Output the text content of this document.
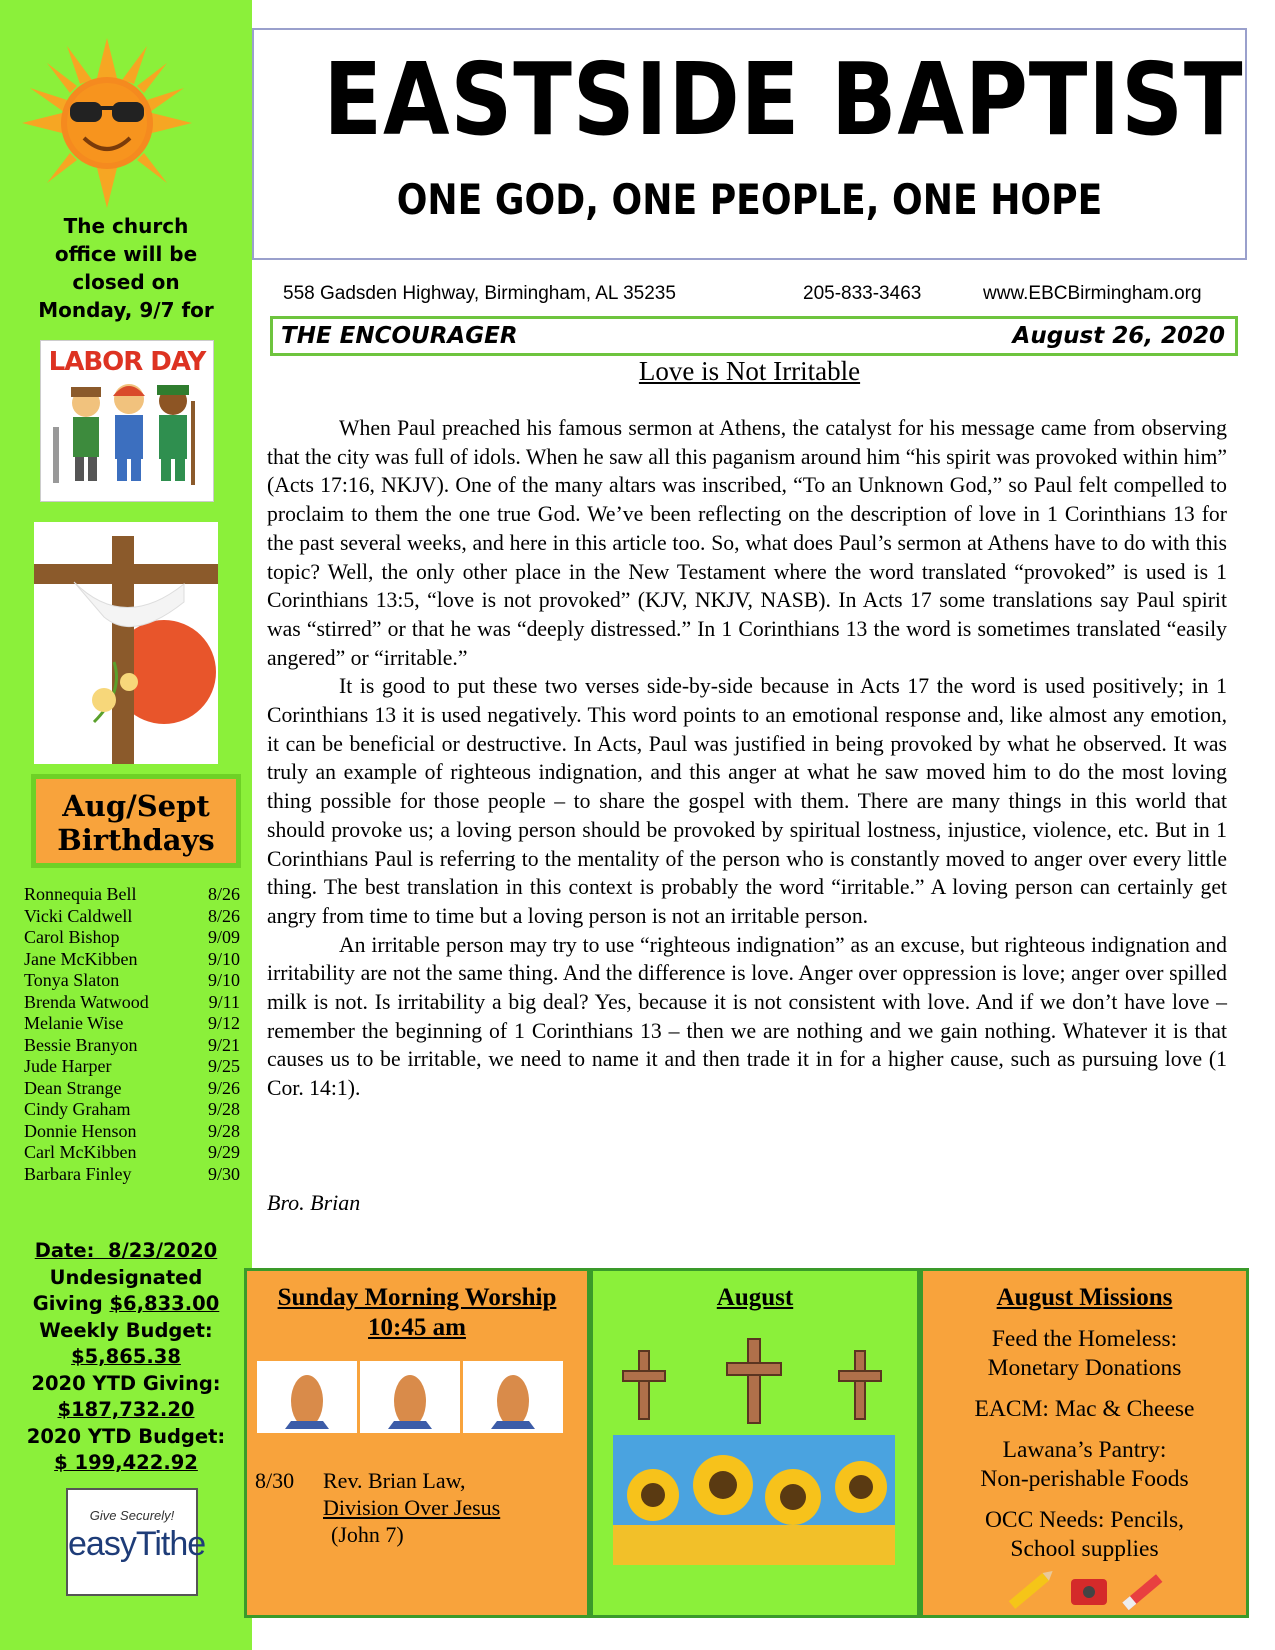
The church
office will be
closed on
Monday, 9/7 for
LABOR DAY
Aug/Sept
Birthdays
Ronnequia Bell	8/26
Vicki Caldwell	8/26
Carol Bishop	9/09
Jane McKibben	9/10
Tonya Slaton	9/10
Brenda Watwood	9/11
Melanie Wise	9/12
Bessie Branyon	9/21
Jude Harper	9/25
Dean Strange	9/26
Cindy Graham	9/28
Donnie Henson	9/28
Carl McKibben	9/29
Barbara Finley	9/30
Date: 8/23/2020
Undesignated
Giving $6,833.00
Weekly Budget:
$5,865.38
2020 YTD Giving:
$187,732.20
2020 YTD Budget:
$ 199,422.92
Give Securely!
easyTithe
EASTSIDE BAPTIST
ONE GOD, ONE PEOPLE, ONE HOPE
558 Gadsden Highway, Birmingham, AL 35235	205-833-3463	www.EBCBirmingham.org
THE ENCOURAGER	August 26, 2020
Love is Not Irritable

When Paul preached his famous sermon at Athens, the catalyst for his message came from observing that the city was full of idols. When he saw all this paganism around him “his spirit was provoked within him” (Acts 17:16, NKJV). One of the many altars was inscribed, “To an Unknown God,” so Paul felt compelled to proclaim to them the one true God. We’ve been reflecting on the description of love in 1 Corinthians 13 for the past several weeks, and here in this article too. So, what does Paul’s sermon at Athens have to do with this topic? Well, the only other place in the New Testament where the word translated “provoked” is used is 1 Corinthians 13:5, “love is not provoked” (KJV, NKJV, NASB). In Acts 17 some translations say Paul spirit was “stirred” or that he was “deeply distressed.” In 1 Corinthians 13 the word is sometimes translated “easily angered” or “irritable.”

It is good to put these two verses side-by-side because in Acts 17 the word is used positively; in 1 Corinthians 13 it is used negatively. This word points to an emotional response and, like almost any emotion, it can be beneficial or destructive. In Acts, Paul was justified in being provoked by what he observed. It was truly an example of righteous indignation, and this anger at what he saw moved him to do the most loving thing possible for those people – to share the gospel with them. There are many things in this world that should provoke us; a loving person should be provoked by spiritual lostness, injustice, violence, etc. But in 1 Corinthians Paul is referring to the mentality of the person who is constantly moved to anger over every little thing. The best translation in this context is probably the word “irritable.” A loving person can certainly get angry from time to time but a loving person is not an irritable person.

An irritable person may try to use “righteous indignation” as an excuse, but righteous indignation and irritability are not the same thing. And the difference is love. Anger over oppression is love; anger over spilled milk is not. Is irritability a big deal? Yes, because it is not consistent with love. And if we don’t have love – remember the beginning of 1 Corinthians 13 – then we are nothing and we gain nothing. Whatever it is that causes us to be irritable, we need to name it and then trade it in for a higher cause, such as pursuing love (1 Cor. 14:1).

Bro. Brian
Sunday Morning Worship
10:45 am
8/30 Rev. Brian Law,
Division Over Jesus
(John 7)
August	August Missions
Feed the Homeless:
Monetary Donations
EACM: Mac & Cheese
Lawana’s Pantry:
Non-perishable Foods
OCC Needs: Pencils,
School supplies
